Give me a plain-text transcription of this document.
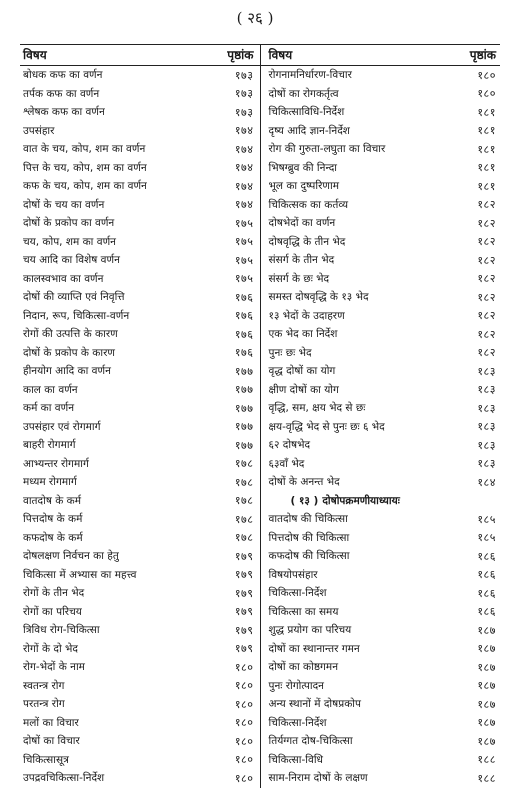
( २६ )
विषय	पृष्ठांक
बोधक कफ का वर्णन	१७३
तर्पक कफ का वर्णन	१७३
श्लेषक कफ का वर्णन	१७३
उपसंहार	१७४
वात के चय, कोप, शम का वर्णन	१७४
पित्त के चय, कोप, शम का वर्णन	१७४
कफ के चय, कोप, शम का वर्णन	१७४
दोषों के चय का वर्णन	१७४
दोषों के प्रकोप का वर्णन	१७५
चय, कोप, शम का वर्णन	१७५
चय आदि का विशेष वर्णन	१७५
कालस्वभाव का वर्णन	१७५
दोषों की व्याप्ति एवं निवृत्ति	१७६
निदान, रूप, चिकित्सा-वर्णन	१७६
रोगों की उत्पत्ति के कारण	१७६
दोषों के प्रकोप के कारण	१७६
हीनयोग आदि का वर्णन	१७७
काल का वर्णन	१७७
कर्म का वर्णन	१७७
उपसंहार एवं रोगमार्ग	१७७
बाहरी रोगमार्ग	१७७
आभ्यन्तर रोगमार्ग	१७८
मध्यम रोगमार्ग	१७८
वातदोष के कर्म	१७८
पित्तदोष के कर्म	१७८
कफदोष के कर्म	१७८
दोषलक्षण निर्वचन का हेतु	१७९
चिकित्सा में अभ्यास का महत्त्व	१७९
रोगों के तीन भेद	१७९
रोगों का परिचय	१७९
त्रिविध रोग-चिकित्सा	१७९
रोगों के दो भेद	१७९
रोग-भेदों के नाम	१८०
स्वतन्त्र रोग	१८०
परतन्त्र रोग	१८०
मलों का विचार	१८०
दोषों का विचार	१८०
चिकित्सासूत्र	१८०
उपद्रवचिकित्सा-निर्देश	१८०
विषय	पृष्ठांक
रोगनामनिर्धारण-विचार	१८०
दोषों का रोगकर्तृत्व	१८०
चिकित्साविधि-निर्देश	१८१
दृष्य आदि ज्ञान-निर्देश	१८१
रोग की गुरुता-लघुता का विचार	१८१
भिषग्ब्रुव की निन्दा	१८१
भूल का दुष्परिणाम	१८१
चिकित्सक का कर्तव्य	१८२
दोषभेदों का वर्णन	१८२
दोषवृद्धि के तीन भेद	१८२
संसर्ग के तीन भेद	१८२
संसर्ग के छः भेद	१८२
समस्त दोषवृद्धि के १३ भेद	१८२
१३ भेदों के उदाहरण	१८२
एक भेद का निर्देश	१८२
पुनः छः भेद	१८२
वृद्ध दोषों का योग	१८३
क्षीण दोषों का योग	१८३
वृद्धि, सम, क्षय भेद से छः	१८३
क्षय-वृद्धि भेद से पुनः छः ६ भेद	१८३
६२ दोषभेद	१८३
६३वाँ भेद	१८३
दोषों के अनन्त भेद	१८४
( १३ ) दोषोपक्रमणीयाध्यायः
वातदोष की चिकित्सा	१८५
पित्तदोष की चिकित्सा	१८५
कफदोष की चिकित्सा	१८६
विषयोपसंहार	१८६
चिकित्सा-निर्देश	१८६
चिकित्सा का समय	१८६
शुद्ध प्रयोग का परिचय	१८७
दोषों का स्थानान्तर गमन	१८७
दोषों का कोष्ठगमन	१८७
पुनः रोगोत्पादन	१८७
अन्य स्थानों में दोषप्रकोप	१८७
चिकित्सा-निर्देश	१८७
तिर्यग्गत दोष-चिकित्सा	१८७
चिकित्सा-विधि	१८८
साम-निराम दोषों के लक्षण	१८८
